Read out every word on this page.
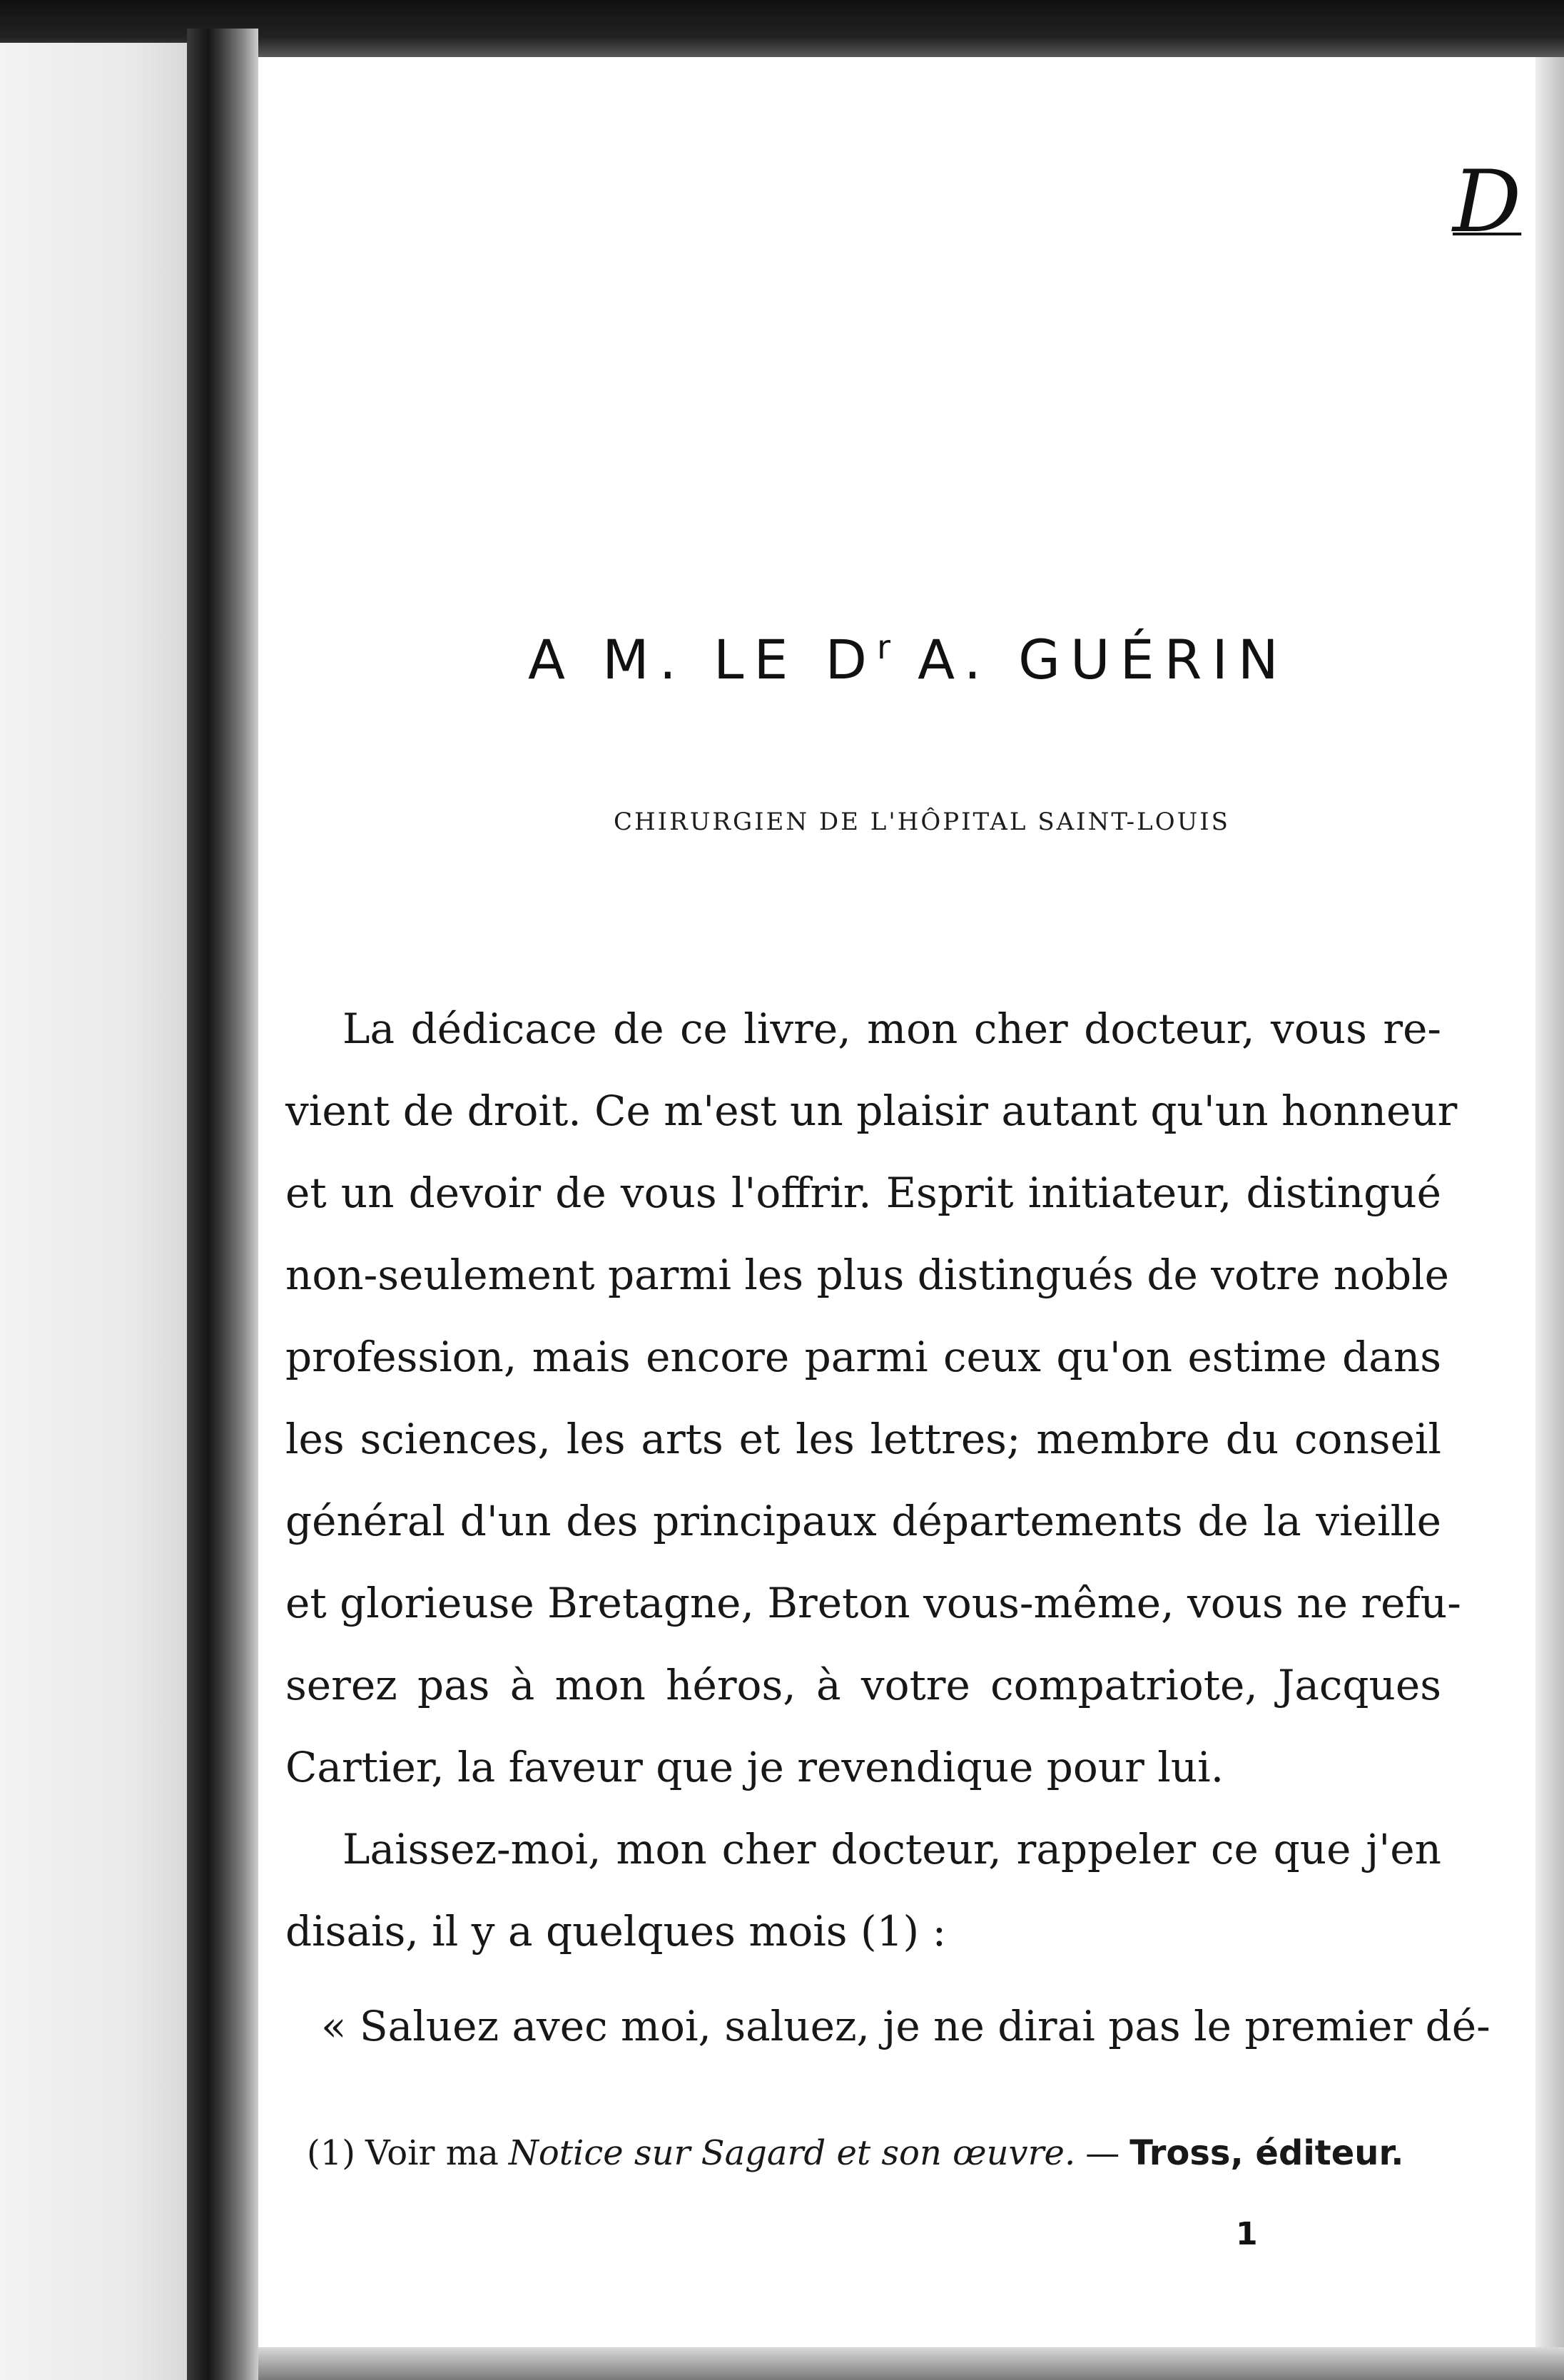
D

A M. LE $D^r$ A. GUÉRIN

CHIRURGIEN DE L'HÔPITAL SAINT-LOUIS

La dédicace de ce livre, mon cher docteur, vous re-
vient de droit. Ce m'est un plaisir autant qu'un honneur
et un devoir de vous l'offrir. Esprit initiateur, distingué
non-seulement parmi les plus distingués de votre noble
profession, mais encore parmi ceux qu'on estime dans
les sciences, les arts et les lettres; membre du conseil
général d'un des principaux départements de la vieille
et glorieuse Bretagne, Breton vous-même, vous ne refu-
serez pas à mon héros, à votre compatriote, Jacques
Cartier, la faveur que je revendique pour lui.
Laissez-moi, mon cher docteur, rappeler ce que j'en
disais, il y a quelques mois (1) :
« Saluez avec moi, saluez, je ne dirai pas le premier dé-
(1) Voir ma Notice sur Sagard et son œuvre. — Tross, éditeur.

1
